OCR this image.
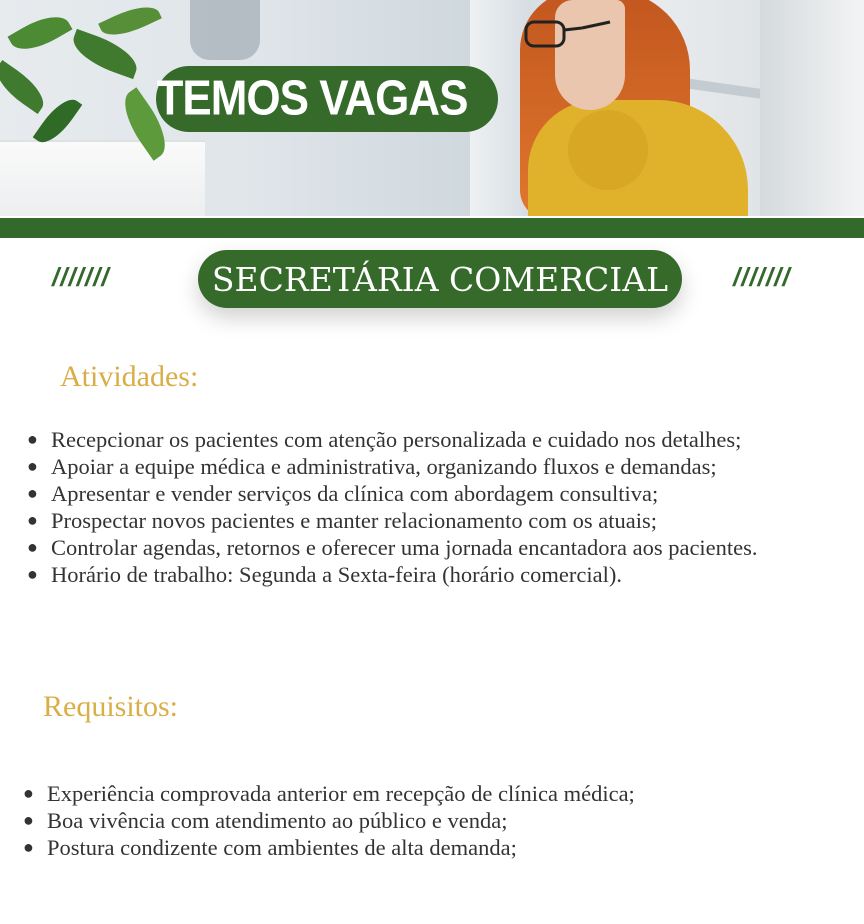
TEMOS VAGAS
///////	SECRETÁRIA COMERCIAL ///////
Atividades:
● Recepcionar os pacientes com atenção personalizada e cuidado nos detalhes;
● Apoiar a equipe médica e administrativa, organizando fluxos e demandas;
● Apresentar e vender serviços da clínica com abordagem consultiva;
● Prospectar novos pacientes e manter relacionamento com os atuais;
● Controlar agendas, retornos e oferecer uma jornada encantadora aos pacientes.
● Horário de trabalho: Segunda a Sexta-feira (horário comercial).
Requisitos:
● Experiência comprovada anterior em recepção de clínica médica;
● Boa vivência com atendimento ao público e venda;
● Postura condizente com ambientes de alta demanda;
